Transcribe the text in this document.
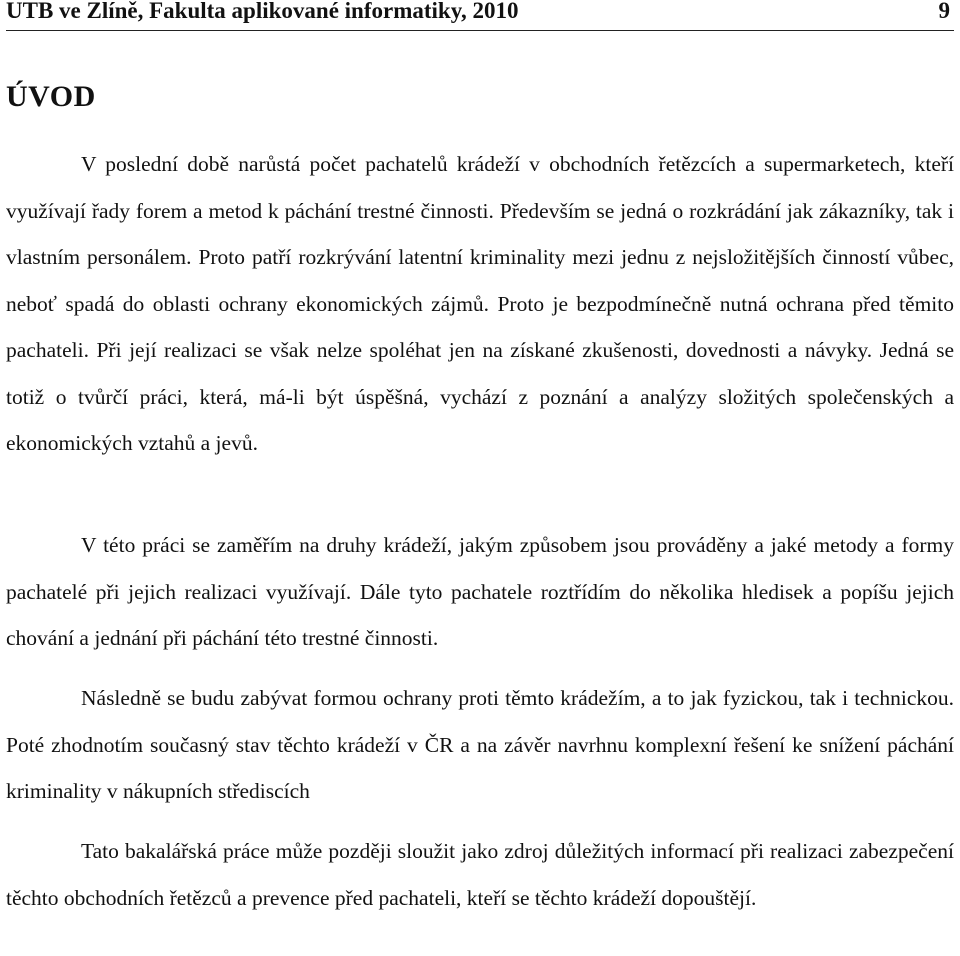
UTB ve Zlíně, Fakulta aplikované informatiky, 2010	9
ÚVOD

V poslední době narůstá počet pachatelů krádeží v obchodních řetězcích a supermarketech, kteří využívají řady forem a metod k páchání trestné činnosti. Především se jedná o rozkrádání jak zákazníky, tak i vlastním personálem. Proto patří rozkrývání latentní kriminality mezi jednu z nejsložitějších činností vůbec, neboť spadá do oblasti ochrany ekonomických zájmů. Proto je bezpodmínečně nutná ochrana před těmito pachateli. Při její realizaci se však nelze spoléhat jen na získané zkušenosti, dovednosti a návyky. Jedná se totiž o tvůrčí práci, která, má-li být úspěšná, vychází z poznání a analýzy složitých společenských a ekonomických vztahů a jevů.

V této práci se zaměřím na druhy krádeží, jakým způsobem jsou prováděny a jaké metody a formy pachatelé při jejich realizaci využívají. Dále tyto pachatele roztřídím do několika hledisek a popíšu jejich chování a jednání při páchání této trestné činnosti.

Následně se budu zabývat formou ochrany proti těmto krádežím, a to jak fyzickou, tak i technickou. Poté zhodnotím současný stav těchto krádeží v ČR a na závěr navrhnu komplexní řešení ke snížení páchání kriminality v nákupních střediscích

Tato bakalářská práce může později sloužit jako zdroj důležitých informací při realizaci zabezpečení těchto obchodních řetězců a prevence před pachateli, kteří se těchto krádeží dopouštějí.
